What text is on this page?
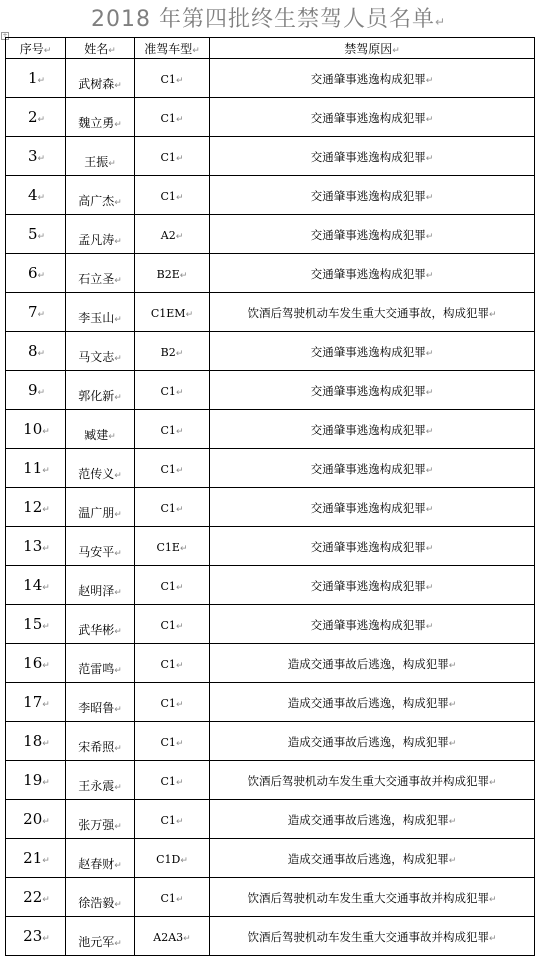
2018 年第四批终生禁驾人员名单↵
+
序号↵	姓名↵	准驾车型↵	禁驾原因↵
1↵	武树森↵	C1↵	交通肇事逃逸构成犯罪↵
2↵	魏立勇↵	C1↵	交通肇事逃逸构成犯罪↵
3↵	王振↵	C1↵	交通肇事逃逸构成犯罪↵
4↵	高广杰↵	C1↵	交通肇事逃逸构成犯罪↵
5↵	孟凡涛↵	A2↵	交通肇事逃逸构成犯罪↵
6↵	石立圣↵	B2E↵	交通肇事逃逸构成犯罪↵
7↵	李玉山↵	C1EM↵	饮酒后驾驶机动车发生重大交通事故，构成犯罪↵
8↵	马文志↵	B2↵	交通肇事逃逸构成犯罪↵
9↵	郭化新↵	C1↵	交通肇事逃逸构成犯罪↵
10↵	臧建↵	C1↵	交通肇事逃逸构成犯罪↵
11↵	范传义↵	C1↵	交通肇事逃逸构成犯罪↵
12↵	温广朋↵	C1↵	交通肇事逃逸构成犯罪↵
13↵	马安平↵	C1E↵	交通肇事逃逸构成犯罪↵
14↵	赵明泽↵	C1↵	交通肇事逃逸构成犯罪↵
15↵	武华彬↵	C1↵	交通肇事逃逸构成犯罪↵
16↵	范雷鸣↵	C1↵	造成交通事故后逃逸，构成犯罪↵
17↵	李昭鲁↵	C1↵	造成交通事故后逃逸，构成犯罪↵
18↵	宋希照↵	C1↵	造成交通事故后逃逸，构成犯罪↵
19↵	王永震↵	C1↵	饮酒后驾驶机动车发生重大交通事故并构成犯罪↵
20↵	张万强↵	C1↵	造成交通事故后逃逸，构成犯罪↵
21↵	赵春财↵	C1D↵	造成交通事故后逃逸，构成犯罪↵
22↵	徐浩毅↵	C1↵	饮酒后驾驶机动车发生重大交通事故并构成犯罪↵
23↵	池元军↵	A2A3↵	饮酒后驾驶机动车发生重大交通事故并构成犯罪↵
